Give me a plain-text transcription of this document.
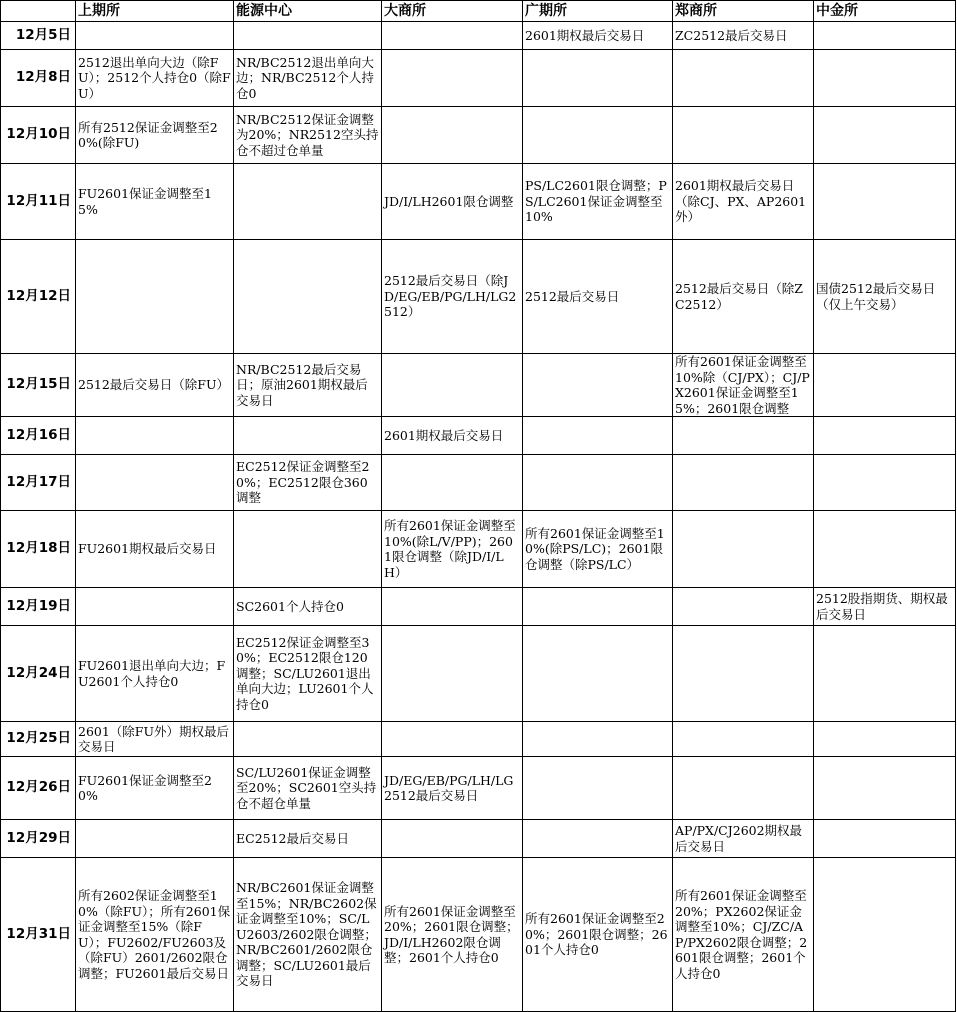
	上期所	能源中心	大商所	广期所	郑商所	中金所
12月5日				2601期权最后交易日	ZC2512最后交易日	
12月8日	2512退出单向大边（除FU）；2512个人持仓0（除FU）	NR/BC2512退出单向大边；NR/BC2512个人持仓0				
12月10日	所有2512保证金调整至20%(除FU)	NR/BC2512保证金调整为20%；NR2512空头持仓不超过仓单量				
12月11日	FU2601保证金调整至15%		JD/I/LH2601限仓调整	PS/LC2601限仓调整；PS/LC2601保证金调整至10%	2601期权最后交易日（除CJ、PX、AP2601外）	
12月12日			2512最后交易日（除JD/EG/EB/PG/LH/LG2512）	2512最后交易日	2512最后交易日（除ZC2512）	国债2512最后交易日（仅上午交易）
12月15日	2512最后交易日（除FU）	NR/BC2512最后交易日；原油2601期权最后交易日			所有2601保证金调整至10%除（CJ/PX）；CJ/PX2601保证金调整至15%；2601限仓调整	
12月16日			2601期权最后交易日			
12月17日		EC2512保证金调整至20%；EC2512限仓360调整				
12月18日	FU2601期权最后交易日		所有2601保证金调整至10%(除L/V/PP)；2601限仓调整（除JD/I/LH）	所有2601保证金调整至10%(除PS/LC)；2601限仓调整（除PS/LC）		
12月19日		SC2601个人持仓0				2512股指期货、期权最后交易日
12月24日	FU2601退出单向大边；FU2601个人持仓0	EC2512保证金调整至30%；EC2512限仓120调整；SC/LU2601退出单向大边；LU2601个人持仓0				
12月25日	2601（除FU外）期权最后交易日					
12月26日	FU2601保证金调整至20%	SC/LU2601保证金调整至20%；SC2601空头持仓不超仓单量	JD/EG/EB/PG/LH/LG2512最后交易日			
12月29日		EC2512最后交易日			AP/PX/CJ2602期权最后交易日	
12月31日	所有2602保证金调整至10%（除FU）；所有2601保证金调整至15%（除FU）；FU2602/FU2603及（除FU）2601/2602限仓调整；FU2601最后交易日	NR/BC2601保证金调整至15%；NR/BC2602保证金调整至10%；SC/LU2603/2602限仓调整；NR/BC2601/2602限仓调整；SC/LU2601最后交易日	所有2601保证金调整至20%；2601限仓调整；JD/I/LH2602限仓调整；2601个人持仓0	所有2601保证金调整至20%；2601限仓调整；2601个人持仓0	所有2601保证金调整至20%；PX2602保证金调整至10%；CJ/ZC/AP/PX2602限仓调整；2601限仓调整；2601个人持仓0	
